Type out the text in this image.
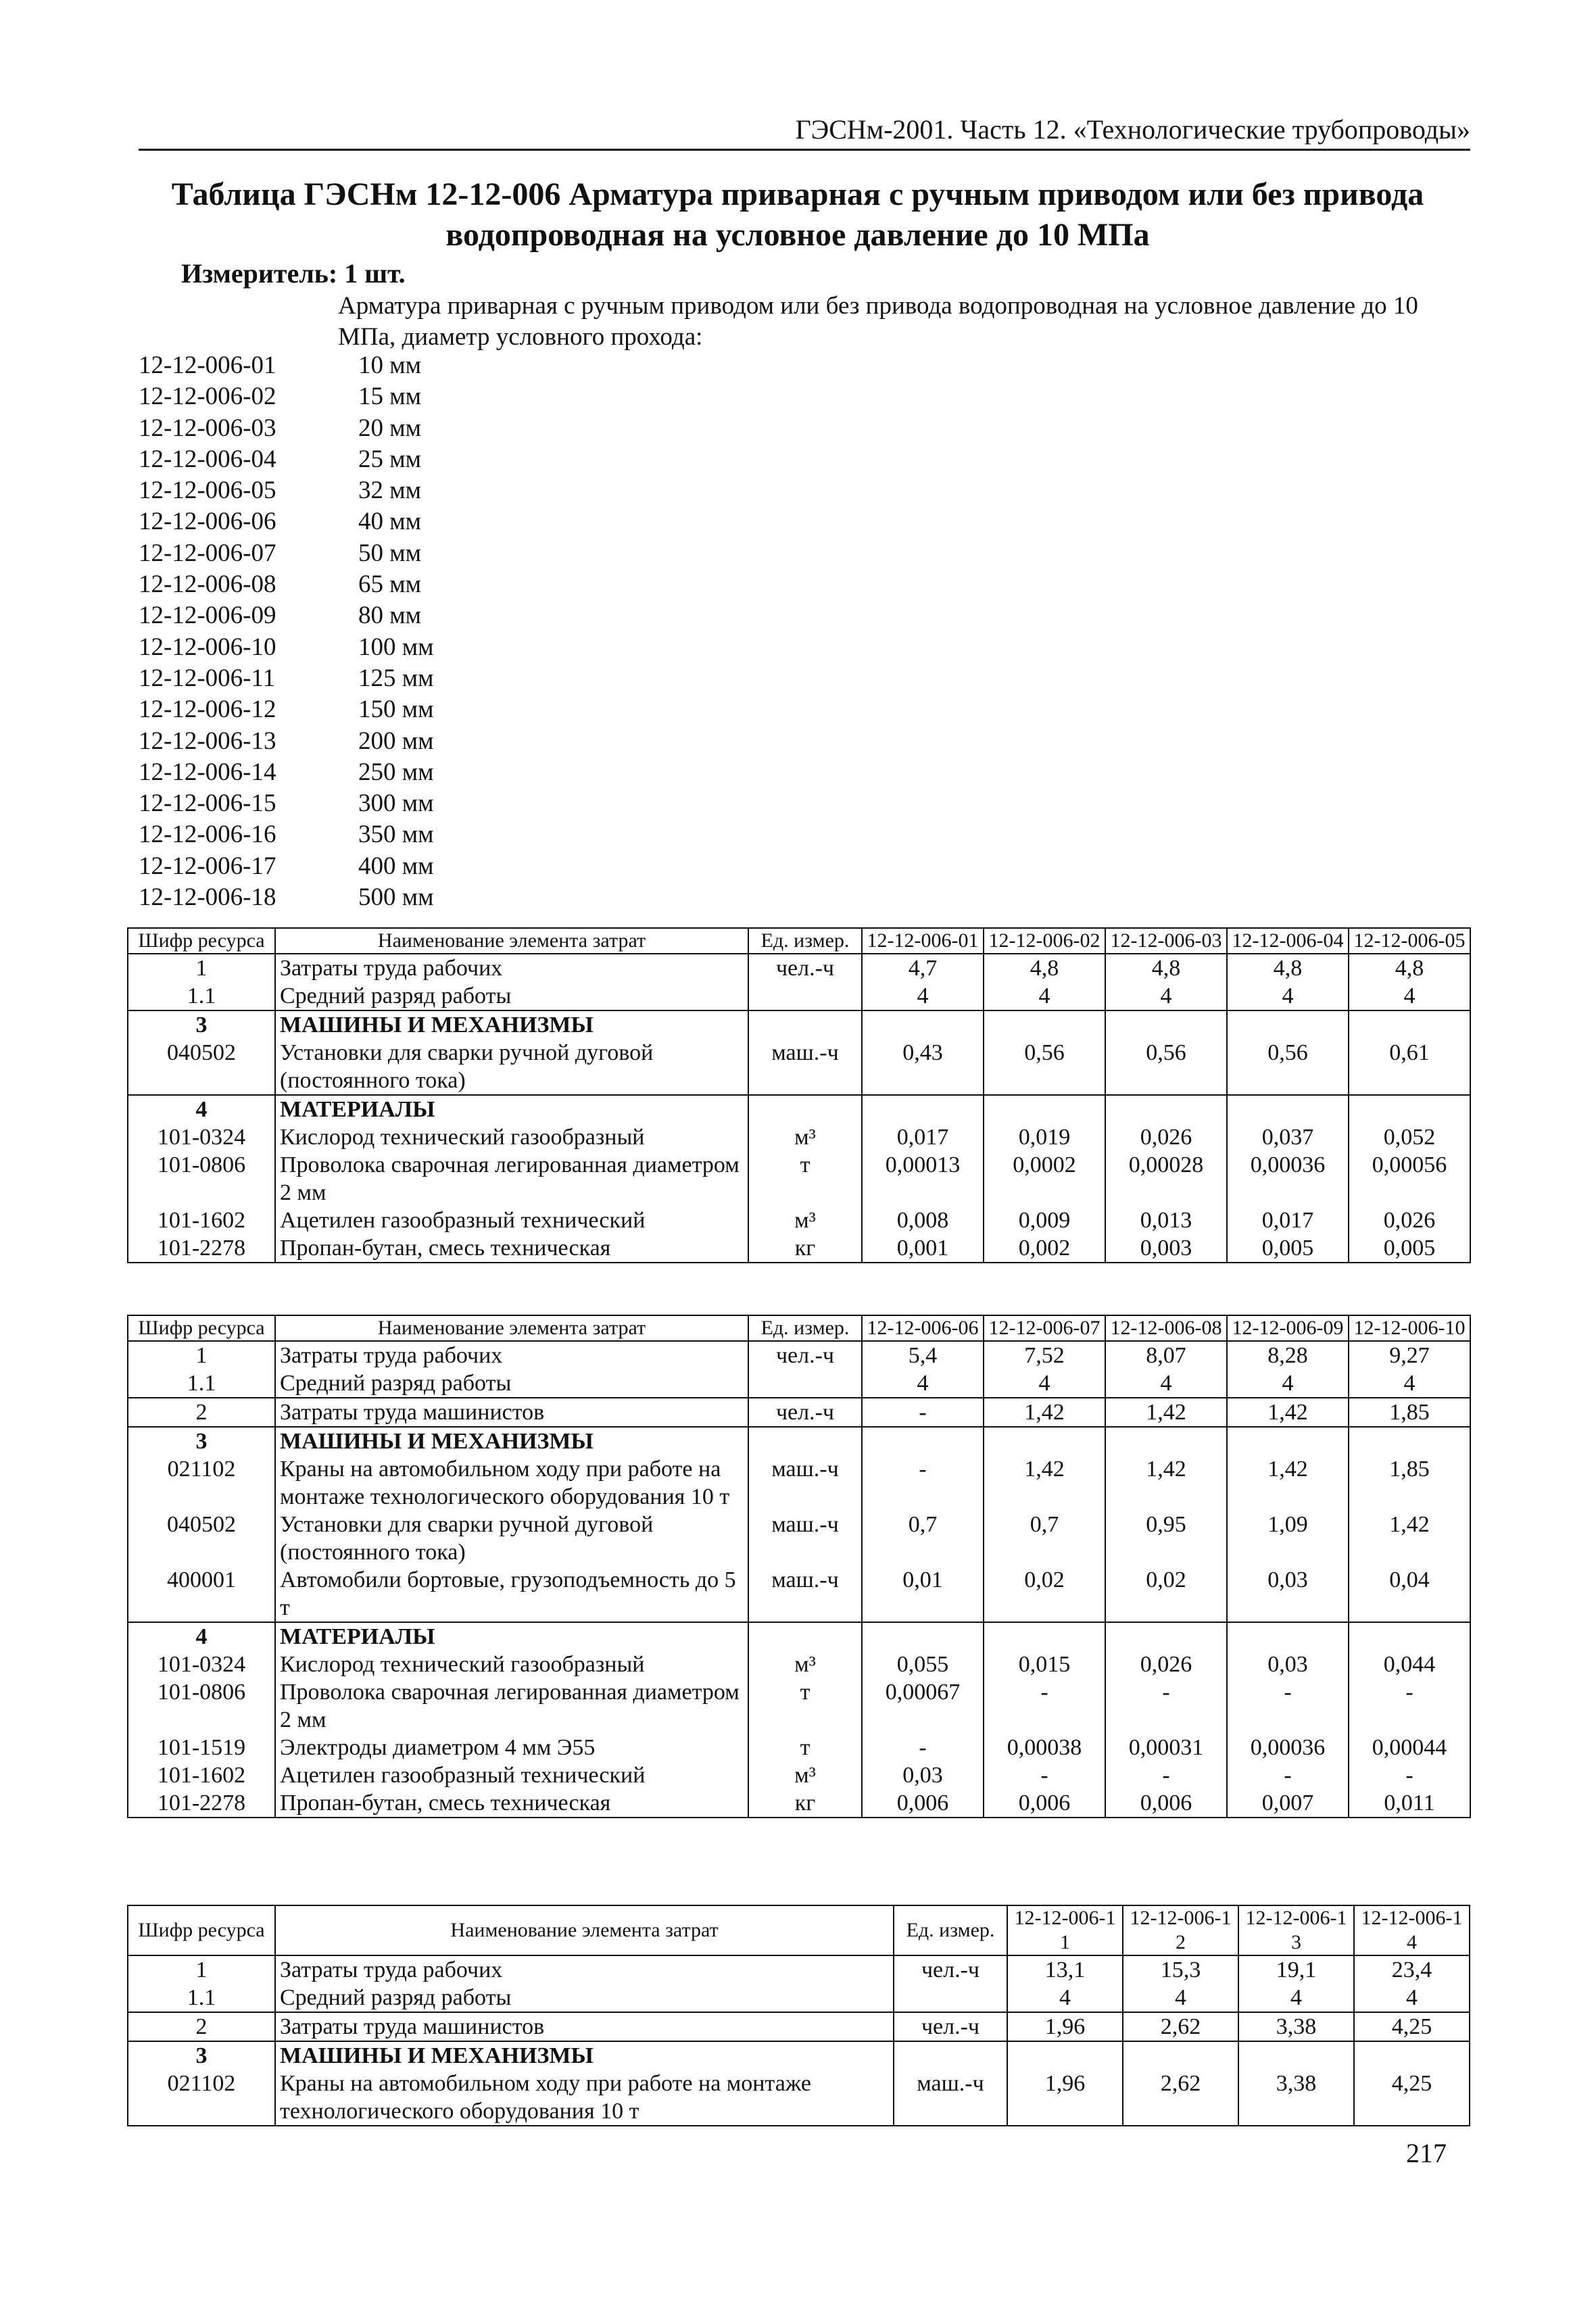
ГЭСНм-2001. Часть 12. «Технологические трубопроводы»
Таблица ГЭСНм 12-12-006 Арматура приварная с ручным приводом или без привода
водопроводная на условное давление до 10 МПа
Измеритель: 1 шт.
Арматура приварная с ручным приводом или без привода водопроводная на условное давление до 10 МПа, диаметр условного прохода:
12-12-006-01	10 мм
12-12-006-02	15 мм
12-12-006-03	20 мм
12-12-006-04	25 мм
12-12-006-05	32 мм
12-12-006-06	40 мм
12-12-006-07	50 мм
12-12-006-08	65 мм
12-12-006-09	80 мм
12-12-006-10	100 мм
12-12-006-11	125 мм
12-12-006-12	150 мм
12-12-006-13	200 мм
12-12-006-14	250 мм
12-12-006-15	300 мм
12-12-006-16	350 мм
12-12-006-17	400 мм
12-12-006-18	500 мм
Шифр ресурса	Наименование элемента затрат	Ед. измер.	12-12-006-01	12-12-006-02	12-12-006-03	12-12-006-04	12-12-006-05
1	Затраты труда рабочих	чел.-ч	4,7	4,8	4,8	4,8	4,8
1.1	Средний разряд работы		4	4	4	4	4
3	МАШИНЫ И МЕХАНИЗМЫ						
040502	Установки для сварки ручной дуговой (постоянного тока)	маш.-ч	0,43	0,56	0,56	0,56	0,61
4	МАТЕРИАЛЫ						
101-0324	Кислород технический газообразный	м³	0,017	0,019	0,026	0,037	0,052
101-0806	Проволока сварочная легированная диаметром 2 мм	т	0,00013	0,0002	0,00028	0,00036	0,00056
101-1602	Ацетилен газообразный технический	м³	0,008	0,009	0,013	0,017	0,026
101-2278	Пропан-бутан, смесь техническая	кг	0,001	0,002	0,003	0,005	0,005
Шифр ресурса	Наименование элемента затрат	Ед. измер.	12-12-006-06	12-12-006-07	12-12-006-08	12-12-006-09	12-12-006-10
1	Затраты труда рабочих	чел.-ч	5,4	7,52	8,07	8,28	9,27
1.1	Средний разряд работы		4	4	4	4	4
2	Затраты труда машинистов	чел.-ч	-	1,42	1,42	1,42	1,85
3	МАШИНЫ И МЕХАНИЗМЫ						
021102	Краны на автомобильном ходу при работе на монтаже технологического оборудования 10 т	маш.-ч	-	1,42	1,42	1,42	1,85
040502	Установки для сварки ручной дуговой (постоянного тока)	маш.-ч	0,7	0,7	0,95	1,09	1,42
400001	Автомобили бортовые, грузоподъемность до 5 т	маш.-ч	0,01	0,02	0,02	0,03	0,04
4	МАТЕРИАЛЫ						
101-0324	Кислород технический газообразный	м³	0,055	0,015	0,026	0,03	0,044
101-0806	Проволока сварочная легированная диаметром 2 мм	т	0,00067	-	-	-	-
101-1519	Электроды диаметром 4 мм Э55	т	-	0,00038	0,00031	0,00036	0,00044
101-1602	Ацетилен газообразный технический	м³	0,03	-	-	-	-
101-2278	Пропан-бутан, смесь техническая	кг	0,006	0,006	0,006	0,007	0,011
Шифр ресурса	Наименование элемента затрат	Ед. измер.	12-12-006-11	12-12-006-12	12-12-006-13	12-12-006-14
1	Затраты труда рабочих	чел.-ч	13,1	15,3	19,1	23,4
1.1	Средний разряд работы		4	4	4	4
2	Затраты труда машинистов	чел.-ч	1,96	2,62	3,38	4,25
3	МАШИНЫ И МЕХАНИЗМЫ					
021102	Краны на автомобильном ходу при работе на монтаже технологического оборудования 10 т	маш.-ч	1,96	2,62	3,38	4,25
217
